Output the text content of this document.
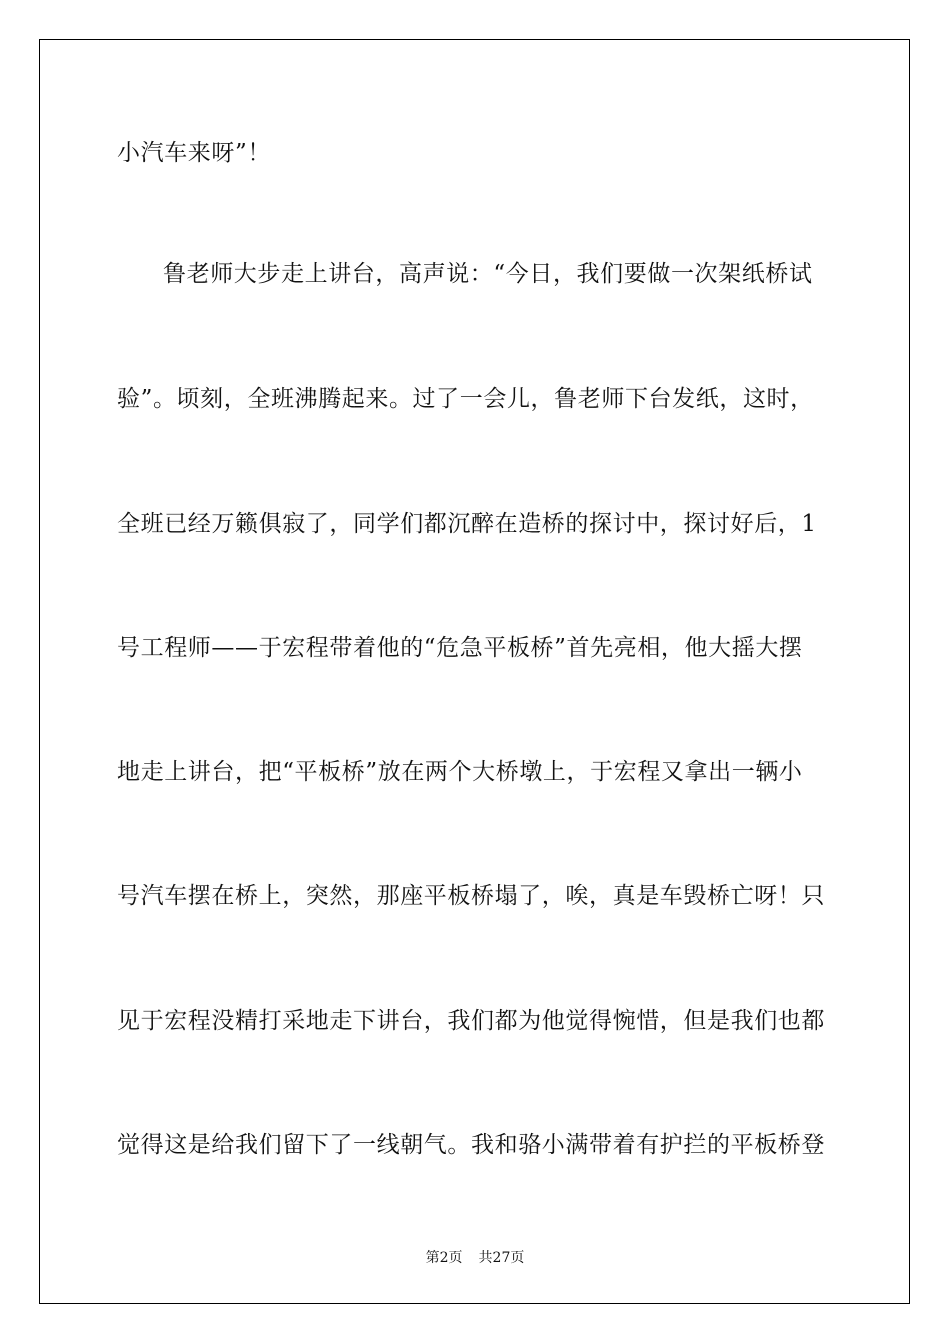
小汽车来呀”！
鲁老师大步走上讲台，高声说：“今日，我们要做一次架纸桥试
验”。顷刻，全班沸腾起来。过了一会儿，鲁老师下台发纸，这时，
全班已经万籁俱寂了，同学们都沉醉在造桥的探讨中，探讨好后，1
号工程师——于宏程带着他的“危急平板桥”首先亮相，他大摇大摆
地走上讲台，把“平板桥”放在两个大桥墩上，于宏程又拿出一辆小
号汽车摆在桥上，突然，那座平板桥塌了，唉，真是车毁桥亡呀！只
见于宏程没精打采地走下讲台，我们都为他觉得惋惜，但是我们也都
觉得这是给我们留下了一线朝气。我和骆小满带着有护拦的平板桥登
第2页 共27页
